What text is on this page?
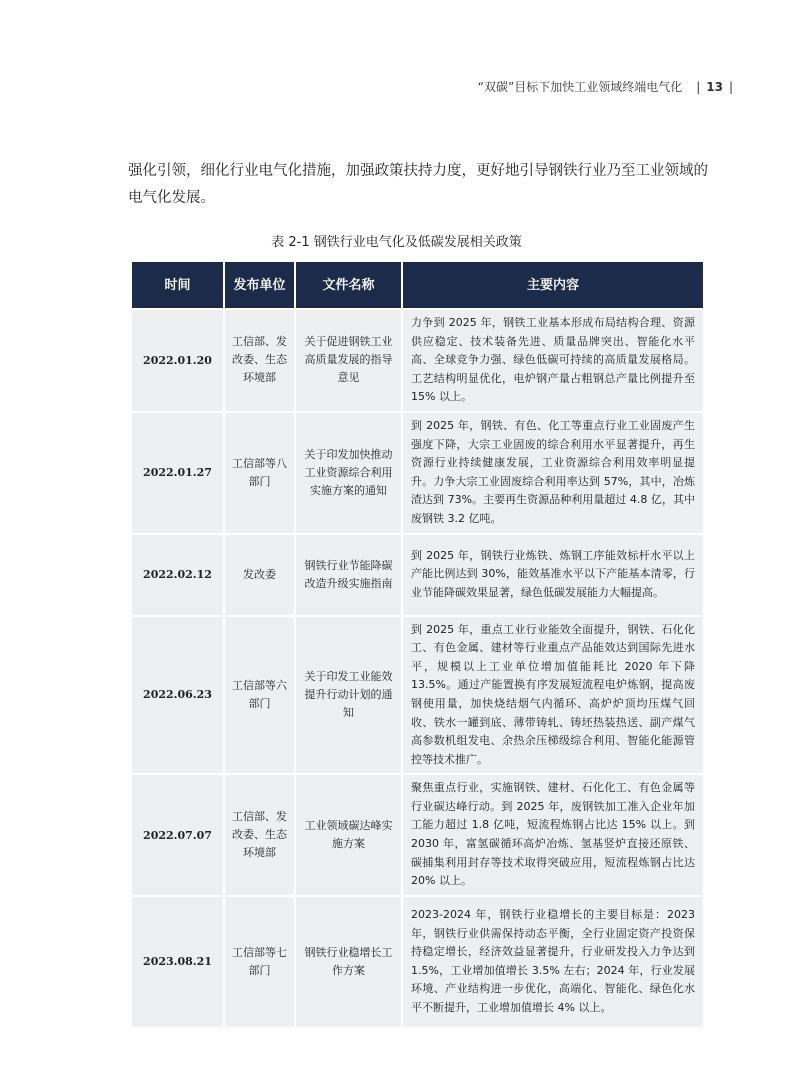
“双碳”目标下加快工业领域终端电气化 | 13 |
强化引领，细化行业电气化措施，加强政策扶持力度，更好地引导钢铁行业乃至工业领域的电气化发展。
表 2-1 钢铁行业电气化及低碳发展相关政策
时间	发布单位	文件名称	主要内容
2022.01.20	工信部、发改委、生态环境部	关于促进钢铁工业高质量发展的指导意见	力争到 2025 年，钢铁工业基本形成布局结构合理、资源供应稳定、技术装备先进、质量品牌突出、智能化水平高、全球竞争力强、绿色低碳可持续的高质量发展格局。工艺结构明显优化，电炉钢产量占粗钢总产量比例提升至 15% 以上。
2022.01.27	工信部等八部门	关于印发加快推动工业资源综合利用实施方案的通知	到 2025 年，钢铁、有色、化工等重点行业工业固废产生强度下降，大宗工业固废的综合利用水平显著提升，再生资源行业持续健康发展，工业资源综合利用效率明显提升。力争大宗工业固废综合利用率达到 57%，其中，冶炼渣达到 73%。主要再生资源品种利用量超过 4.8 亿，其中废钢铁 3.2 亿吨。
2022.02.12	发改委	钢铁行业节能降碳改造升级实施指南	到 2025 年，钢铁行业炼铁、炼钢工序能效标杆水平以上产能比例达到 30%，能效基准水平以下产能基本清零，行业节能降碳效果显著，绿色低碳发展能力大幅提高。
2022.06.23	工信部等六部门	关于印发工业能效提升行动计划的通知	到 2025 年，重点工业行业能效全面提升，钢铁、石化化工、有色金属、建材等行业重点产品能效达到国际先进水平，规模以上工业单位增加值能耗比 2020 年下降 13.5%。通过产能置换有序发展短流程电炉炼钢，提高废钢使用量，加快烧结烟气内循环、高炉炉顶均压煤气回收、铁水一罐到底、薄带铸轧、铸坯热装热送、副产煤气高参数机组发电、余热余压梯级综合利用、智能化能源管控等技术推广。
2022.07.07	工信部、发改委、生态环境部	工业领域碳达峰实施方案	聚焦重点行业，实施钢铁、建材、石化化工、有色金属等行业碳达峰行动。到 2025 年，废钢铁加工准入企业年加工能力超过 1.8 亿吨，短流程炼钢占比达 15% 以上。到 2030 年，富氢碳循环高炉冶炼、氢基竖炉直接还原铁、碳捕集利用封存等技术取得突破应用，短流程炼钢占比达 20% 以上。
2023.08.21	工信部等七部门	钢铁行业稳增长工作方案	2023-2024 年，钢铁行业稳增长的主要目标是：2023 年，钢铁行业供需保持动态平衡，全行业固定资产投资保持稳定增长，经济效益显著提升，行业研发投入力争达到 1.5%，工业增加值增长 3.5% 左右；2024 年，行业发展环境、产业结构进一步优化，高端化、智能化、绿色化水平不断提升，工业增加值增长 4% 以上。
